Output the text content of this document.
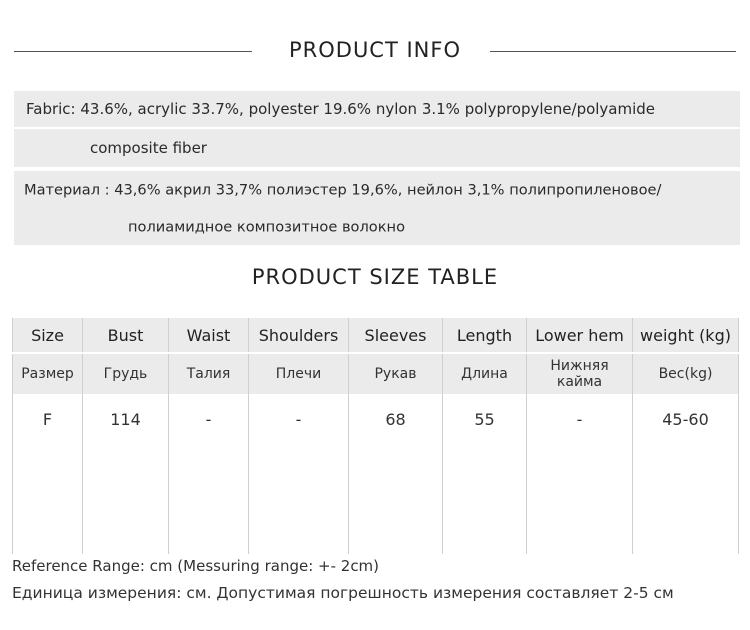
PRODUCT INFO
Fabric: 43.6%, acrylic 33.7%, polyester 19.6% nylon 3.1% polypropylene/polyamide
composite fiber
Материал : 43,6% акрил 33,7% полиэстер 19,6%, нейлон 3,1% полипропиленовое/
полиамидное композитное волокно
PRODUCT SIZE TABLE
Size	Bust	Waist	Shoulders	Sleeves	Length	Lower hem	weight (kg)
Размер	Грудь	Талия	Плечи	Рукав	Длина	Нижняя кайма	Вес(kg)
F	114	-	-	68	55	-	45-60
Reference Range: cm (Messuring range: +- 2cm)
Единица измерения: см. Допустимая погрешность измерения составляет 2-5 см
